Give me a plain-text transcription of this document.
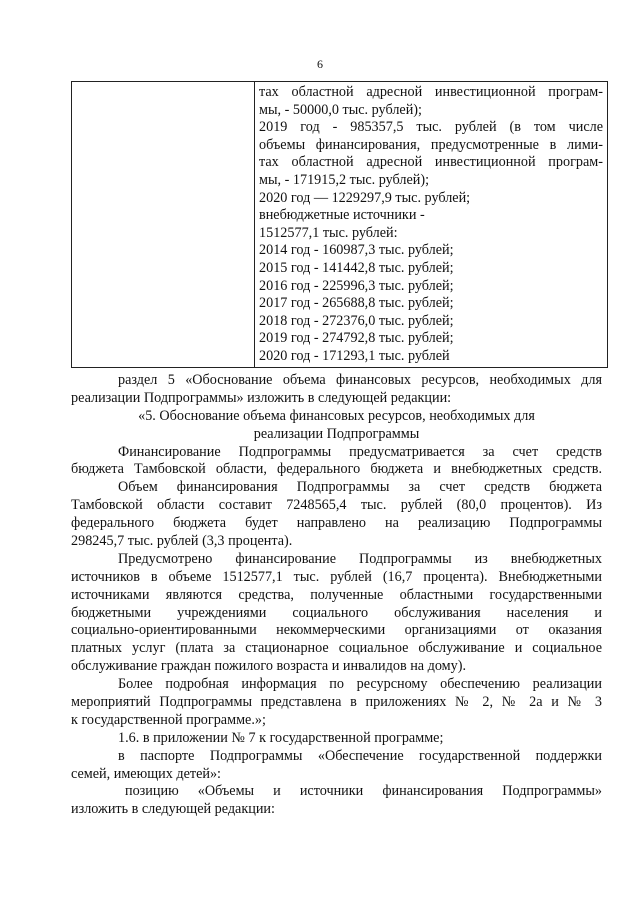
6

тах областной адресной инвестиционной програм-
мы, - 50000,0 тыс. рублей);
2019 год - 985357,5 тыс. рублей (в том числе
объемы финансирования, предусмотренные в лими-
тах областной адресной инвестиционной програм-
мы, - 171915,2 тыс. рублей);
2020 год — 1229297,9 тыс. рублей;
внебюджетные источники -
1512577,1 тыс. рублей:
2014 год - 160987,3 тыс. рублей;
2015 год - 141442,8 тыс. рублей;
2016 год - 225996,3 тыс. рублей;
2017 год - 265688,8 тыс. рублей;
2018 год - 272376,0 тыс. рублей;
2019 год - 274792,8 тыс. рублей;
2020 год - 171293,1 тыс. рублей
раздел 5 «Обоснование объема финансовых ресурсов, необходимых для
реализации Подпрограммы» изложить в следующей редакции:
«5. Обоснование объема финансовых ресурсов, необходимых для
реализации Подпрограммы
Финансирование Подпрограммы предусматривается за счет средств
бюджета Тамбовской области, федерального бюджета и внебюджетных средств.
Объем финансирования Подпрограммы за счет средств бюджета
Тамбовской области составит 7248565,4 тыс. рублей (80,0 процентов). Из
федерального бюджета будет направлено на реализацию Подпрограммы
298245,7 тыс. рублей (3,3 процента).
Предусмотрено финансирование Подпрограммы из внебюджетных
источников в объеме 1512577,1 тыс. рублей (16,7 процента). Внебюджетными
источниками являются средства, полученные областными государственными
бюджетными учреждениями социального обслуживания населения и
социально-ориентированными некоммерческими организациями от оказания
платных услуг (плата за стационарное социальное обслуживание и социальное
обслуживание граждан пожилого возраста и инвалидов на дому).
Более подробная информация по ресурсному обеспечению реализации
мероприятий Подпрограммы представлена в приложениях № 2, № 2а и № 3
к государственной программе.»;
1.6. в приложении № 7 к государственной программе;
в паспорте Подпрограммы «Обеспечение государственной поддержки
семей, имеющих детей»:
позицию «Объемы и источники финансирования Подпрограммы»
изложить в следующей редакции:
